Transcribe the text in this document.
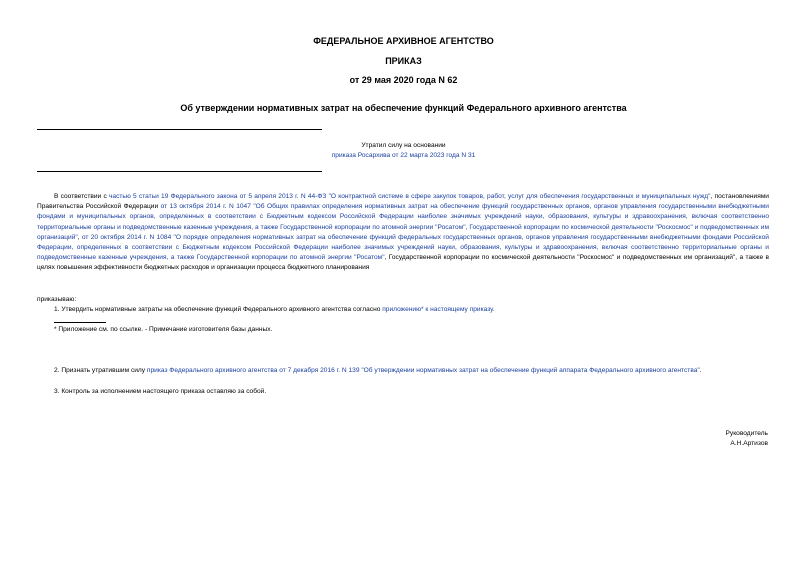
ФЕДЕРАЛЬНОЕ АРХИВНОЕ АГЕНТСТВО
ПРИКАЗ
от 29 мая 2020 года N 62
Об утверждении нормативных затрат на обеспечение функций Федерального архивного агентства
Утратил силу на основании
приказа Росархива от 22 марта 2023 года N 31
В соответствии с частью 5 статьи 19 Федерального закона от 5 апреля 2013 г. N 44-ФЗ "О контрактной системе в сфере закупок товаров, работ, услуг для обеспечения государственных и муниципальных нужд", постановлениями Правительства Российской Федерации от 13 октября 2014 г. N 1047 "Об Общих правилах определения нормативных затрат на обеспечение функций государственных органов, органов управления государственными внебюджетными фондами и муниципальных органов, определенных в соответствии с Бюджетным кодексом Российской Федерации наиболее значимых учреждений науки, образования, культуры и здравоохранения, включая соответственно территориальные органы и подведомственные казенные учреждения, а также Государственной корпорации по атомной энергии "Росатом", Государственной корпорации по космической деятельности "Роскосмос" и подведомственных им организаций", от 20 октября 2014 г. N 1084 "О порядке определения нормативных затрат на обеспечение функций федеральных государственных органов, органов управления государственными внебюджетными фондами Российской Федерации, определенных в соответствии с Бюджетным кодексом Российской Федерации наиболее значимых учреждений науки, образования, культуры и здравоохранения, включая соответственно территориальные органы и подведомственные казенные учреждения, а также Государственной корпорации по атомной энергии "Росатом", Государственной корпорации по космической деятельности "Роскосмос" и подведомственных им организаций", а также в целях повышения эффективности бюджетных расходов и организации процесса бюджетного планирования
приказываю:
1. Утвердить нормативные затраты на обеспечение функций Федерального архивного агентства согласно приложению* к настоящему приказу.
* Приложение см. по ссылке. - Примечание изготовителя базы данных.
2. Признать утратившим силу приказ Федерального архивного агентства от 7 декабря 2016 г. N 139 "Об утверждении нормативных затрат на обеспечение функций аппарата Федерального архивного агентства".
3. Контроль за исполнением настоящего приказа оставляю за собой.
Руководитель
А.Н.Артизов
